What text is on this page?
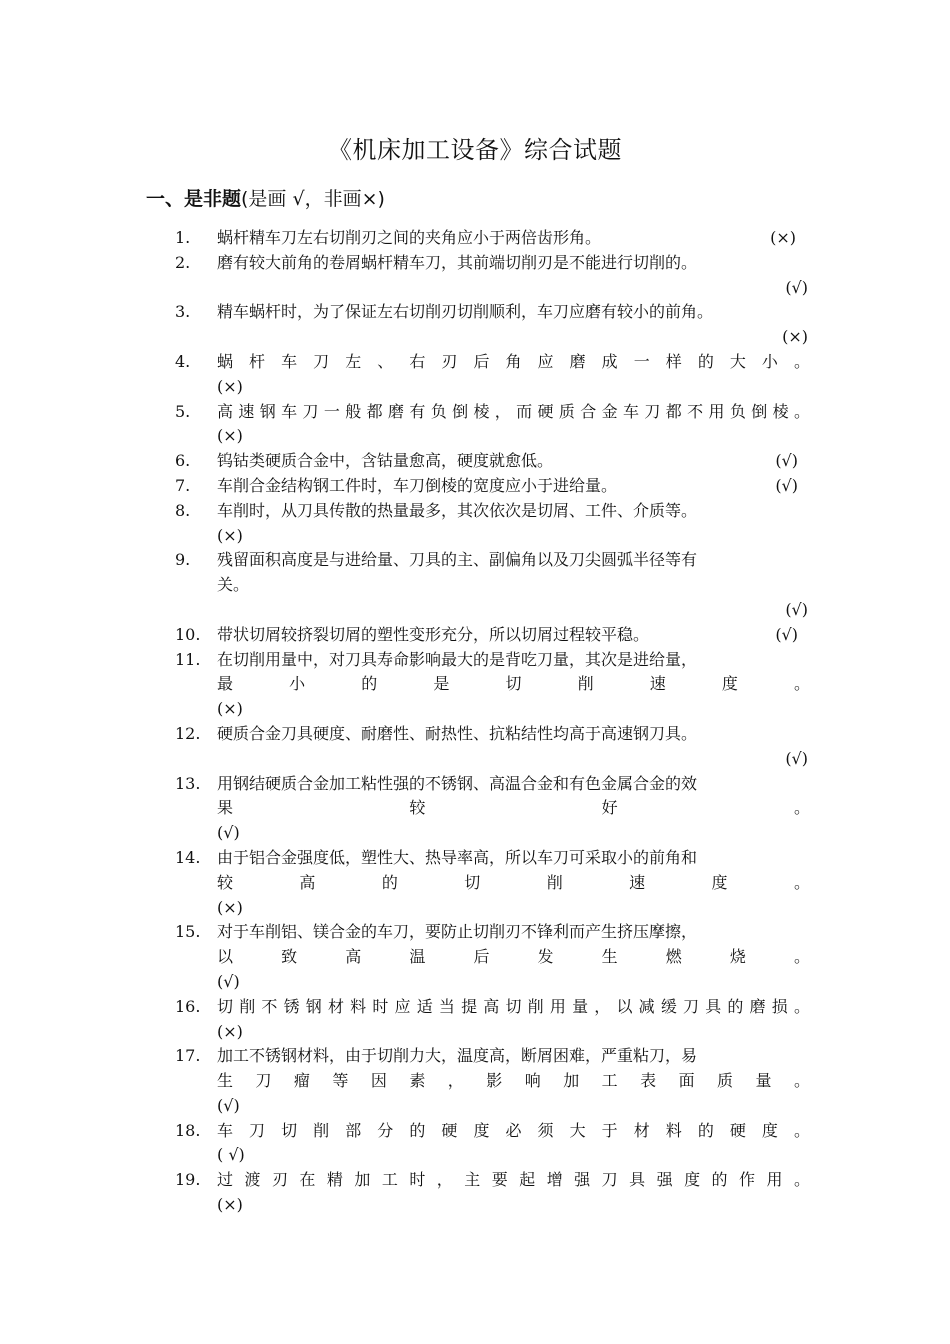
《机床加工设备》综合试题
一、是非题(是画 √，非画×)
1.	蜗杆精车刀左右切削刃之间的夹角应小于两倍齿形角。	(×)
2.	磨有较大前角的卷屑蜗杆精车刀，其前端切削刃是不能进行切削的。
(√)
3.	精车蜗杆时，为了保证左右切削刃切削顺利，车刀应磨有较小的前角。
(×)
4.	蜗杆车刀左、右刃后角应磨成一样的大小。
(×)
5.	高速钢车刀一般都磨有负倒棱，而硬质合金车刀都不用负倒棱。
(×)
6.	钨钴类硬质合金中，含钴量愈高，硬度就愈低。	(√)
7.	车削合金结构钢工件时，车刀倒棱的宽度应小于进给量。	(√)
8.	车削时，从刀具传散的热量最多，其次依次是切屑、工件、介质等。
(×)
9.	残留面积高度是与进给量、刀具的主、副偏角以及刀尖圆弧半径等有
关。
(√)
10.	带状切屑较挤裂切屑的塑性变形充分，所以切屑过程较平稳。	(√)
11.	在切削用量中，对刀具寿命影响最大的是背吃刀量，其次是进给量，
最小的是切削速度。
(×)
12.	硬质合金刀具硬度、耐磨性、耐热性、抗粘结性均高于高速钢刀具。
(√)
13.	用钢结硬质合金加工粘性强的不锈钢、高温合金和有色金属合金的效
果较好。
(√)
14.	由于铝合金强度低，塑性大、热导率高，所以车刀可采取小的前角和
较高的切削速度。
(×)
15.	对于车削铝、镁合金的车刀，要防止切削刃不锋利而产生挤压摩擦，
以致高温后发生燃烧。
(√)
16.	切削不锈钢材料时应适当提高切削用量，以减缓刀具的磨损。
(×)
17.	加工不锈钢材料，由于切削力大，温度高，断屑困难，严重粘刀，易
生刀瘤等因素，影响加工表面质量。
(√)
18.	车刀切削部分的硬度必须大于材料的硬度。
( √)
19.	过渡刃在精加工时，主要起增强刀具强度的作用。
(×)
